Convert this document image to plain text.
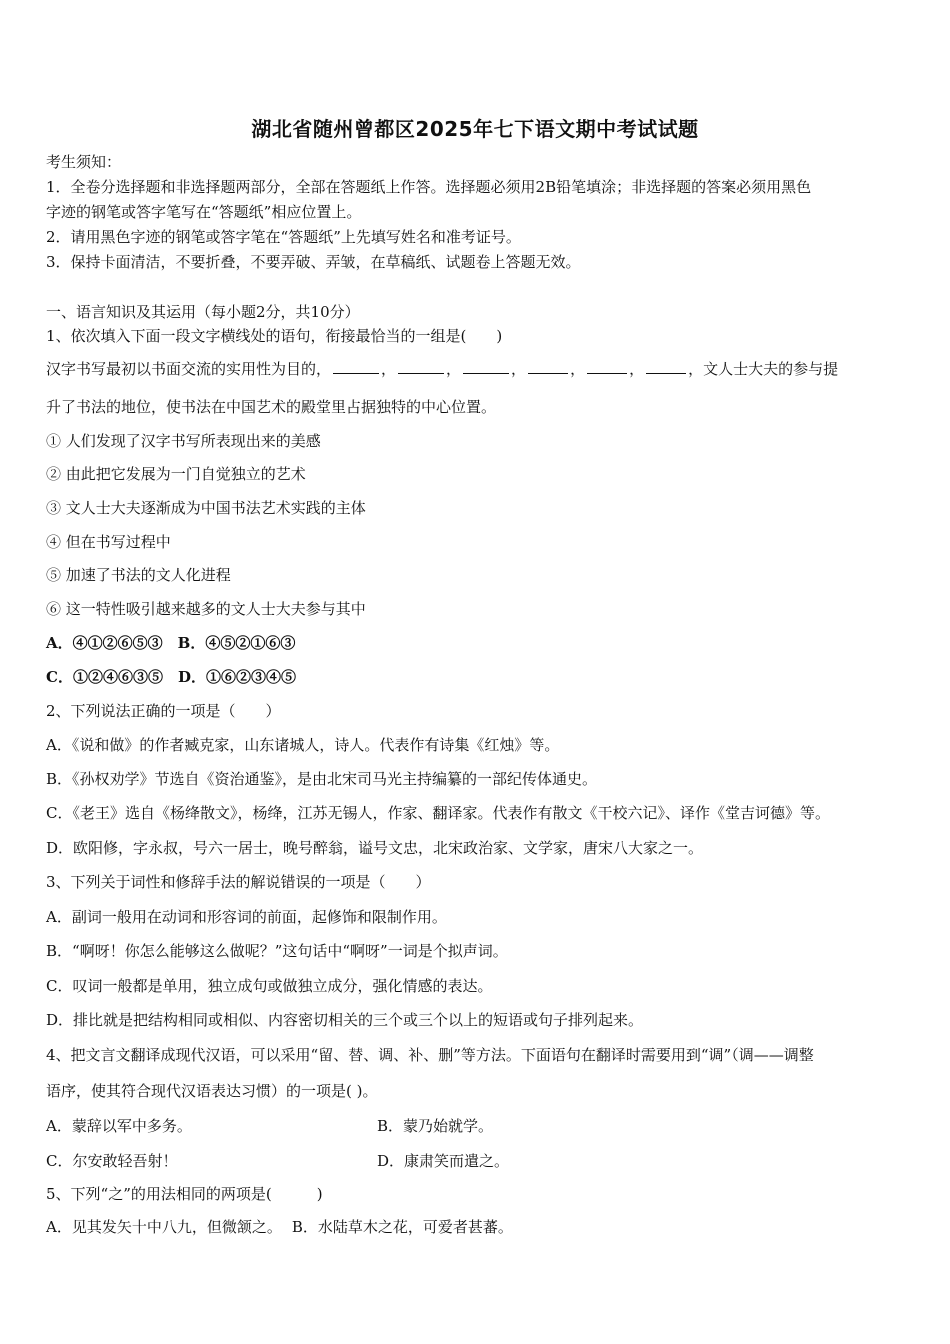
湖北省随州曾都区2025年七下语文期中考试试题
考生须知：
1．全卷分选择题和非选择题两部分，全部在答题纸上作答。选择题必须用2B铅笔填涂；非选择题的答案必须用黑色
字迹的钢笔或答字笔写在“答题纸”相应位置上。
2．请用黑色字迹的钢笔或答字笔在“答题纸”上先填写姓名和准考证号。
3．保持卡面清洁，不要折叠，不要弄破、弄皱，在草稿纸、试题卷上答题无效。
一、语言知识及其运用（每小题2分，共10分）
1、依次填入下面一段文字横线处的语句，衔接最恰当的一组是(　　)
汉字书写最初以书面交流的实用性为目的，	，	，	，	，	，	，文人士大夫的参与提
升了书法的地位，使书法在中国艺术的殿堂里占据独特的中心位置。
① 人们发现了汉字书写所表现出来的美感
② 由此把它发展为一门自觉独立的艺术
③ 文人士大夫逐渐成为中国书法艺术实践的主体
④ 但在书写过程中
⑤ 加速了书法的文人化进程
⑥ 这一特性吸引越来越多的文人士大夫参与其中
A．④①②⑥⑤③　B．④⑤②①⑥③
C．①②④⑥③⑤　D．①⑥②③④⑤
2、下列说法正确的一项是（　　）
A．《说和做》的作者臧克家，山东诸城人，诗人。代表作有诗集《红烛》等。
B．《孙权劝学》节选自《资治通鉴》，是由北宋司马光主持编纂的一部纪传体通史。
C．《老王》选自《杨绛散文》，杨绛，江苏无锡人，作家、翻译家。代表作有散文《干校六记》、译作《堂吉诃德》等。
D．欧阳修，字永叔，号六一居士，晚号醉翁，谥号文忠，北宋政治家、文学家，唐宋八大家之一。
3、下列关于词性和修辞手法的解说错误的一项是（　　）
A．副词一般用在动词和形容词的前面，起修饰和限制作用。
B．“啊呀！你怎么能够这么做呢？”这句话中“啊呀”一词是个拟声词。
C．叹词一般都是单用，独立成句或做独立成分，强化情感的表达。
D．排比就是把结构相同或相似、内容密切相关的三个或三个以上的短语或句子排列起来。
4、把文言文翻译成现代汉语，可以采用“留、替、调、补、删”等方法。下面语句在翻译时需要用到“调”（调——调整
语序，使其符合现代汉语表达习惯）的一项是( )。
A．蒙辞以军中多务。	B．蒙乃始就学。
C．尔安敢轻吾射！	D．康肃笑而遣之。
5、下列“之”的用法相同的两项是(　　　)
A．见其发矢十中八九，但微颔之。 B．水陆草木之花，可爱者甚蕃。
